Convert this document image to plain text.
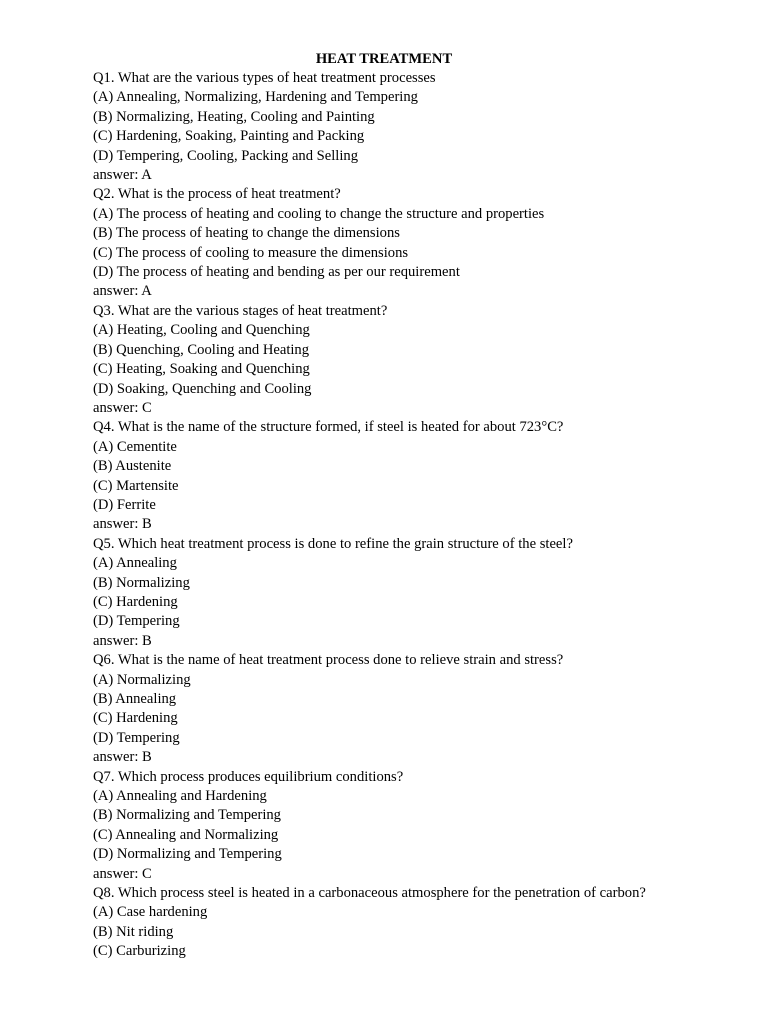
HEAT TREATMENT

Q1. What are the various types of heat treatment processes

(A) Annealing, Normalizing, Hardening and Tempering

(B) Normalizing, Heating, Cooling and Painting

(C) Hardening, Soaking, Painting and Packing

(D) Tempering, Cooling, Packing and Selling

answer: A

Q2. What is the process of heat treatment?

(A) The process of heating and cooling to change the structure and properties

(B) The process of heating to change the dimensions

(C) The process of cooling to measure the dimensions

(D) The process of heating and bending as per our requirement

answer: A

Q3. What are the various stages of heat treatment?

(A) Heating, Cooling and Quenching

(B) Quenching, Cooling and Heating

(C) Heating, Soaking and Quenching

(D) Soaking, Quenching and Cooling

answer: C

Q4. What is the name of the structure formed, if steel is heated for about 723°C?

(A) Cementite

(B) Austenite

(C) Martensite

(D) Ferrite

answer: B

Q5. Which heat treatment process is done to refine the grain structure of the steel?

(A) Annealing

(B) Normalizing

(C) Hardening

(D) Tempering

answer: B

Q6. What is the name of heat treatment process done to relieve strain and stress?

(A) Normalizing

(B) Annealing

(C) Hardening

(D) Tempering

answer: B

Q7. Which process produces equilibrium conditions?

(A) Annealing and Hardening

(B) Normalizing and Tempering

(C) Annealing and Normalizing

(D) Normalizing and Tempering

answer: C

Q8. Which process steel is heated in a carbonaceous atmosphere for the penetration of carbon?

(A) Case hardening

(B) Nit riding

(C) Carburizing
